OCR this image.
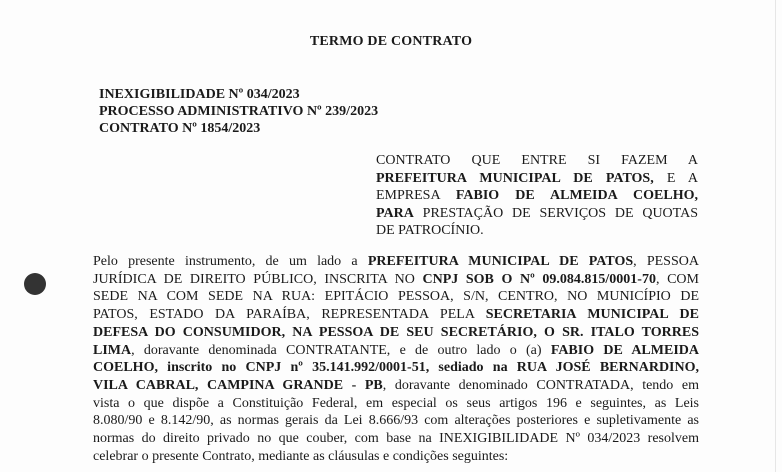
TERMO DE CONTRATO
INEXIGIBILIDADE Nº 034/2023
PROCESSO ADMINISTRATIVO Nº 239/2023
CONTRATO Nº 1854/2023
CONTRATO QUE ENTRE SI FAZEM A
PREFEITURA MUNICIPAL DE PATOS, E A
EMPRESA FABIO DE ALMEIDA COELHO,
PARA PRESTAÇÃO DE SERVIÇOS DE QUOTAS
DE PATROCÍNIO.
Pelo presente instrumento, de um lado a PREFEITURA MUNICIPAL DE PATOS, PESSOA
JURÍDICA DE DIREITO PÚBLICO, INSCRITA NO CNPJ SOB O Nº 09.084.815/0001-70, COM
SEDE NA COM SEDE NA RUA: EPITÁCIO PESSOA, S/N, CENTRO, NO MUNICÍPIO DE
PATOS, ESTADO DA PARAÍBA, REPRESENTADA PELA SECRETARIA MUNICIPAL DE
DEFESA DO CONSUMIDOR, NA PESSOA DE SEU SECRETÁRIO, O SR. ITALO TORRES
LIMA, doravante denominada CONTRATANTE, e de outro lado o (a) FABIO DE ALMEIDA
COELHO, inscrito no CNPJ nº 35.141.992/0001-51, sediado na RUA JOSÉ BERNARDINO,
VILA CABRAL, CAMPINA GRANDE - PB, doravante denominado CONTRATADA, tendo em
vista o que dispõe a Constituição Federal, em especial os seus artigos 196 e seguintes, as Leis
8.080/90 e 8.142/90, as normas gerais da Lei 8.666/93 com alterações posteriores e supletivamente as
normas do direito privado no que couber, com base na INEXIGIBILIDADE Nº 034/2023 resolvem
celebrar o presente Contrato, mediante as cláusulas e condições seguintes:
